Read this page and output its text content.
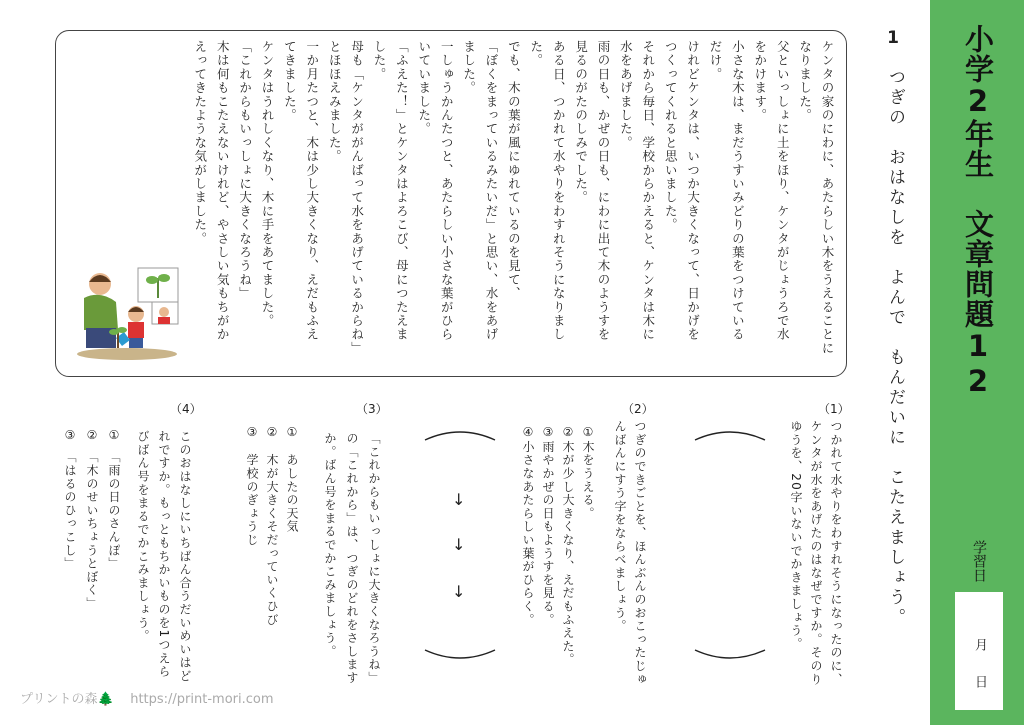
小学2年生　文章問題12
学習日
月
日
1
つぎの　おはなしを　よんで　もんだいに　こたえましょう。
ケンタの家のにわに、あたらしい木をうえることに
なりました。
父といっしょに土をほり、ケンタがじょうろで水
をかけます。
小さな木は、まだうすいみどりの葉をつけている
だけ。
けれどケンタは、いつか大きくなって、日かげを
つくってくれると思いました。
それから毎日、学校からかえると、ケンタは木に
水をあげました。
雨の日も、かぜの日も、にわに出て木のようすを
見るのがたのしみでした。
ある日、つかれて水やりをわすれそうになりまし
た。
でも、木の葉が風にゆれているのを見て、
「ぼくをまっているみたいだ」と思い、水をあげ
ました。
一しゅうかんたつと、あたらしい小さな葉がひら
いていました。
「ふえた！」とケンタはよろこび、母につたえま
した。
母も「ケンタががんばって水をあげているからね」
とほほえみました。
一か月たつと、木は少し大きくなり、えだもふえ
てきました。
ケンタはうれしくなり、木に手をあてました。
「これからもいっしょに大きくなろうね」
木は何もこたえないけれど、やさしい気もちがか
えってきたような気がしました。
（1）
（2）
（3）
（4）
つかれて水やりをわすれそうになったのに、
ケンタが水をあげたのはなぜですか。そのり
ゆうを、20字いないでかきましょう。
つぎのできごとを、ほんぶんのおこったじゅ
んばんにすう字をならべましょう。
①木をうえる。
②木が少し大きくなり、えだもふえた。
③雨やかぜの日もようすを見る。
④小さなあたらしい葉がひらく。
「これからもいっしょに大きくなろうね」
の「これから」は、つぎのどれをさします
か。ばん号をまるでかこみましょう。
①　あしたの天気
②　木が大きくそだっていくひび
③　学校のぎょうじ
このおはなしにいちばん合うだいめいはど
れですか。もっともちかいものを1つえら
びばん号をまるでかこみましょう。
①　「雨の日のさんぽ」
②　「木のせいちょうとぼく」
③　「はるのひっこし」	↓
↓
↓
プリントの森🌲 https://print-mori.com
